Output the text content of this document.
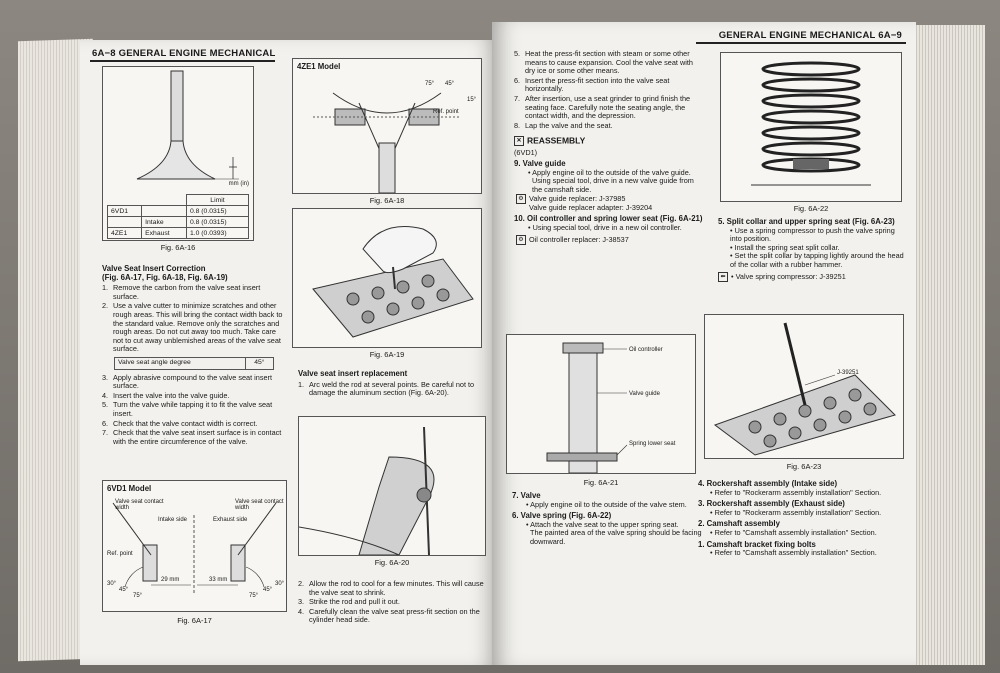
6A−8 GENERAL ENGINE MECHANICAL
mm (in)
		Limit
6VD1		0.8 (0.0315)
	Intake	0.8 (0.0315)
4ZE1	Exhaust	1.0 (0.0393)
Fig. 6A-16
4ZE1 Model
75° 45°
15°
Ref. point
Fig. 6A-18
Fig. 6A-19
Valve Seat Insert Correction
(Fig. 6A-17, Fig. 6A-18, Fig. 6A-19)
1. Remove the carbon from the valve seat insert surface.
2. Use a valve cutter to minimize scratches and other rough areas. This will bring the contact width back to the standard value. Remove only the scratches and rough areas. Do not cut away too much. Take care not to cut away unblemished areas of the valve seat surface.
Valve seat angle degree	45°
3. Apply abrasive compound to the valve seat insert surface.
4. Insert the valve into the valve guide.
5. Turn the valve while tapping it to fit the valve seat insert.
6. Check that the valve contact width is correct.
7. Check that the valve seat insert surface is in contact with the entire circumference of the valve.
6VD1 Model
Intake side	Exhaust side
Valve seat contact width
Valve seat contact width
Ref. point
29 mm	33 mm
30°
45°
75°	75°
45°
30°
Fig. 6A-17
Valve seat insert replacement
1. Arc weld the rod at several points. Be careful not to damage the aluminum section (Fig. 6A-20).
Fig. 6A-20
2. Allow the rod to cool for a few minutes. This will cause the valve seat to shrink.
3. Strike the rod and pull it out.
4. Carefully clean the valve seat press-fit section on the cylinder head side.
GENERAL ENGINE MECHANICAL 6A−9
5. Heat the press-fit section with steam or some other means to cause expansion. Cool the valve seat with dry ice or some other means.
6. Insert the press-fit section into the valve seat horizontally.
7. After insertion, use a seat grinder to grind finish the seating face. Carefully note the seating angle, the contact width, and the depression.
8. Lap the valve and the seat.
✕ REASSEMBLY
(6VD1)
9. Valve guide
• Apply engine oil to the outside of the valve guide.
Using special tool, drive in a new valve guide from the camshaft side.
⚙ Valve guide replacer: J-37985
Valve guide replacer adapter: J-39204
10. Oil controller and spring lower seat (Fig. 6A-21)
• Using special tool, drive in a new oil controller.
⚙ Oil controller replacer: J-38537
Oil controller
Valve guide
Spring lower seat
Fig. 6A-21
7. Valve
• Apply engine oil to the outside of the valve stem.
6. Valve spring (Fig. 6A-22)
• Attach the valve seat to the upper spring seat.
The painted area of the valve spring should be facing downward.
Fig. 6A-22
5. Split collar and upper spring seat (Fig. 6A-23)
• Use a spring compressor to push the valve spring into position.
• Install the spring seat split collar.
• Set the split collar by tapping lightly around the head of the collar with a rubber hammer.
⬅ • Valve spring compressor: J-39251
J-39251
Fig. 6A-23
4. Rockershaft assembly (Intake side)
• Refer to "Rockerarm assembly installation" Section.
3. Rockershaft assembly (Exhaust side)
• Refer to "Rockerarm assembly installation" Section.
2. Camshaft assembly
• Refer to "Camshaft assembly installation" Section.
1. Camshaft bracket fixing bolts
• Refer to "Camshaft assembly installation" Section.
